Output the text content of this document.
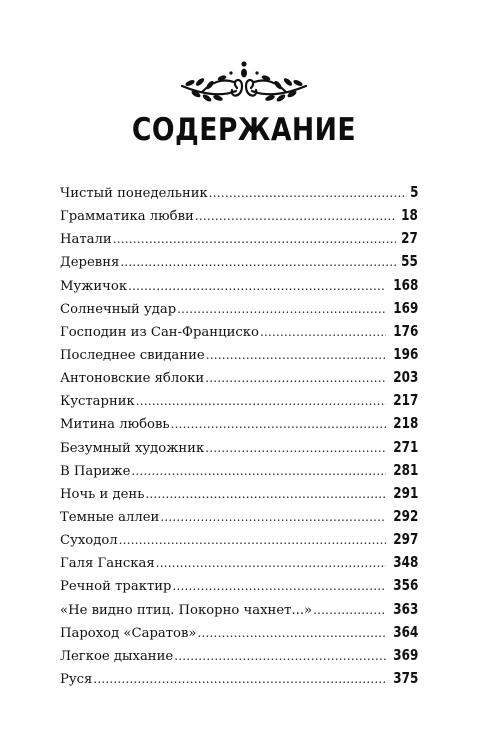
СОДЕРЖАНИЕ
Чистый понедельник .....	5
Грамматика любви .....	18
Натали .....	27
Деревня .....	55
Мужичок .....	168
Солнечный удар .....	169
Господин из Сан-Франциско .....	176
Последнее свидание .....	196
Антоновские яблоки .....	203
Кустарник .....	217
Митина любовь .....	218
Безумный художник .....	271
В Париже .....	281
Ночь и день .....	291
Темные аллеи .....	292
Суходол .....	297
Галя Ганская .....	348
Речной трактир .....	356
«Не видно птиц. Покорно чахнет...» .....	363
Пароход «Саратов» .....	364
Легкое дыхание .....	369
Руся .....	375
